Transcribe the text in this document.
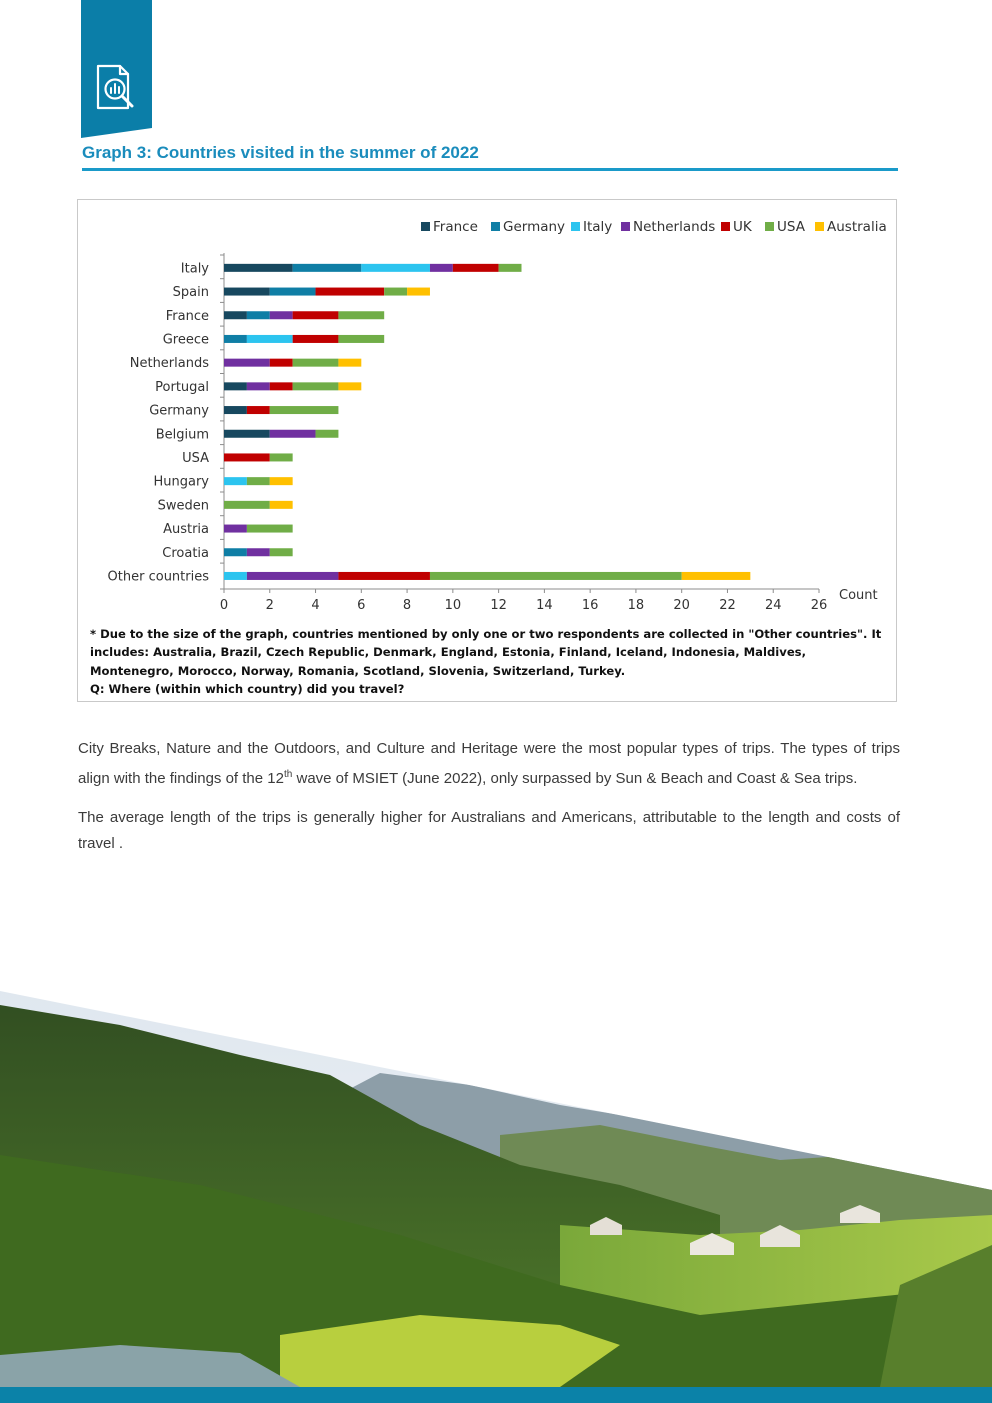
Graph 3: Countries visited in the summer of 2022
0	2	4	6	8	10 12 14 16 18 20 22 24 26
Count
Italy
Spain
France
Greece
Netherlands
Portugal
Germany
Belgium
USA
Hungary
Sweden
Austria
Croatia
Other countries
France Germany Italy Netherlands UK USA Australia

* Due to the size of the graph, countries mentioned by only one or two respondents are collected in "Other countries". It includes: Australia, Brazil, Czech Republic, Denmark, England, Estonia, Finland, Iceland, Indonesia, Maldives, Montenegro, Morocco, Norway, Romania, Scotland, Slovenia, Switzerland, Turkey.

Q: Where (within which country) did you travel?

City Breaks, Nature and the Outdoors, and Culture and Heritage were the most popular types of trips. The types of trips align with the findings of the 12th wave of MSIET (June 2022), only surpassed by Sun & Beach and Coast & Sea trips.

The average length of the trips is generally higher for Australians and Americans, attributable to the length and costs of travel .
